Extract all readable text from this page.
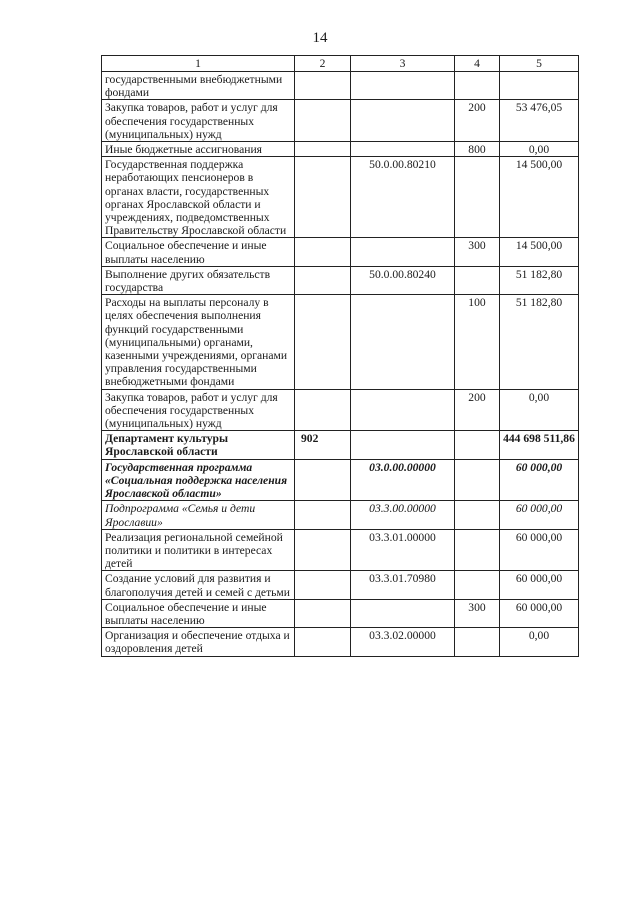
14
1	2	3	4	5
государственными внебюджетными фондами				
Закупка товаров, работ и услуг для обеспечения государственных (муниципальных) нужд			200	53 476,05
Иные бюджетные ассигнования			800	0,00
Государственная поддержка неработающих пенсионеров в органах власти, государственных органах Ярославской области и учреждениях, подведомственных Правительству Ярославской области		50.0.00.80210		14 500,00
Социальное обеспечение и иные выплаты населению			300	14 500,00
Выполнение других обязательств государства		50.0.00.80240		51 182,80
Расходы на выплаты персоналу в целях обеспечения выполнения функций государственными (муниципальными) органами, казенными учреждениями, органами управления государственными внебюджетными фондами			100	51 182,80
Закупка товаров, работ и услуг для обеспечения государственных (муниципальных) нужд			200	0,00
Департамент культуры Ярославской области	902			444 698 511,86
Государственная программа «Социальная поддержка населения Ярославской области»		03.0.00.00000		60 000,00
Подпрограмма «Семья и дети Ярославии»		03.3.00.00000		60 000,00
Реализация региональной семейной политики и политики в интересах детей		03.3.01.00000		60 000,00
Создание условий для развития и благополучия детей и семей с детьми		03.3.01.70980		60 000,00
Социальное обеспечение и иные выплаты населению			300	60 000,00
Организация и обеспечение отдыха и оздоровления детей		03.3.02.00000		0,00
